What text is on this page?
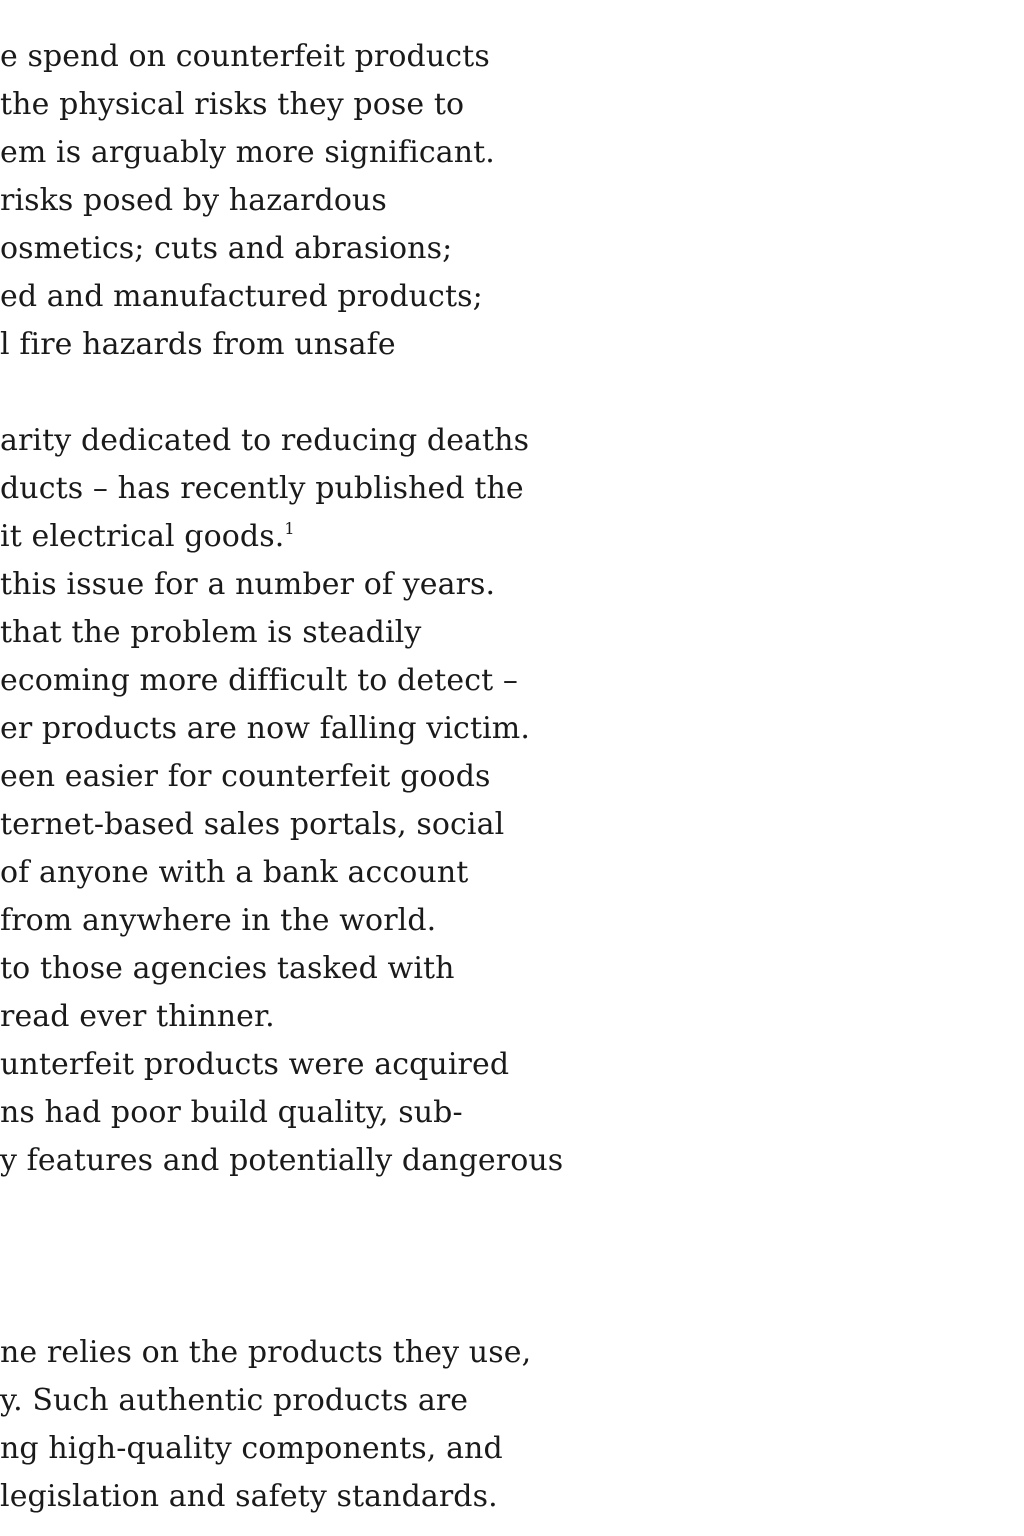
e spend on counterfeit products
the physical risks they pose to
em is arguably more significant.
risks posed by hazardous
osmetics; cuts and abrasions;
ed and manufactured products;
l fire hazards from unsafe
arity dedicated to reducing deaths
ducts – has recently published the
it electrical goods.$^1$
this issue for a number of years.
that the problem is steadily
ecoming more difficult to detect –
er products are now falling victim.
een easier for counterfeit goods
ternet-based sales portals, social
of anyone with a bank account
from anywhere in the world.
to those agencies tasked with
read ever thinner.
unterfeit products were acquired
ns had poor build quality, sub-
y features and potentially dangerous
ne relies on the products they use,
y. Such authentic products are
ng high-quality components, and
legislation and safety standards.
